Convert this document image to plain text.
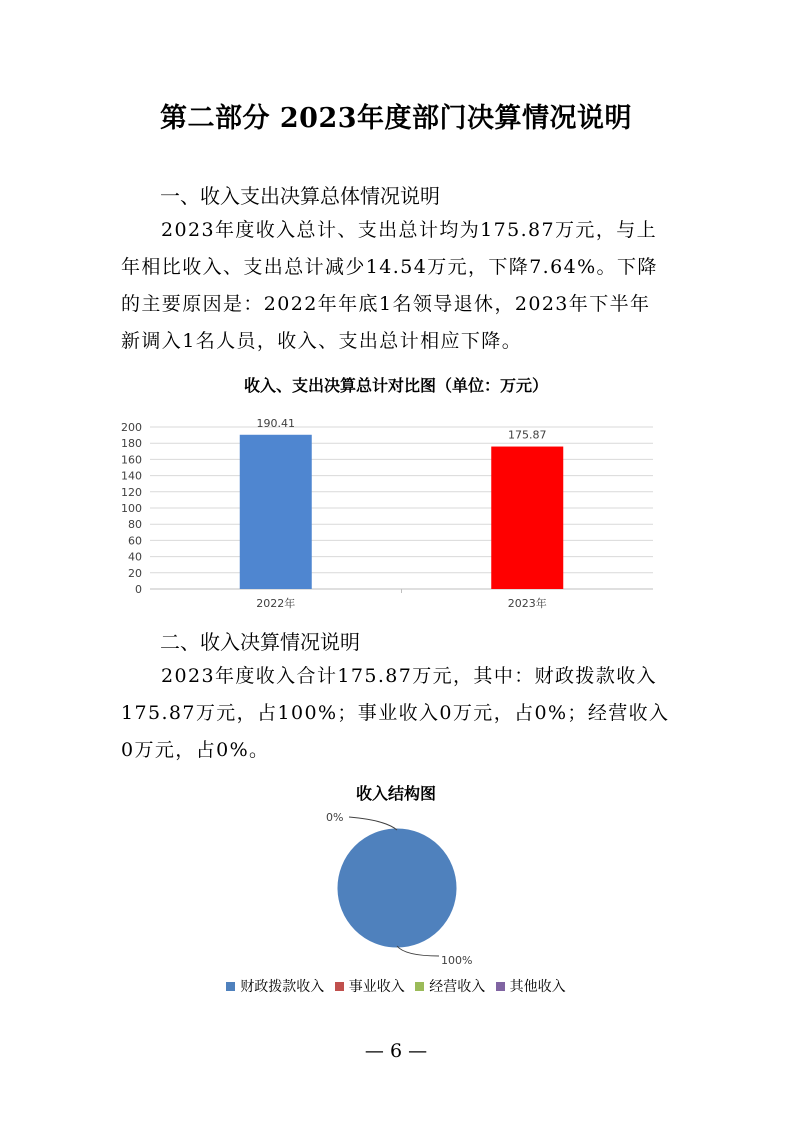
第二部分 2023年度部门决算情况说明
一、收入支出决算总体情况说明
2023年度收入总计、支出总计均为175.87万元，与上
年相比收入、支出总计减少14.54万元，下降7.64%。下降
的主要原因是：2022年年底1名领导退休，2023年下半年
新调入1名人员，收入、支出总计相应下降。
收入、支出决算总计对比图（单位：万元）
0
20
40
60
80
100
120
140
160
180
200	190.41
2022年
175.87
2023年
二、收入决算情况说明
2023年度收入合计175.87万元，其中：财政拨款收入
175.87万元，占100%；事业收入0万元，占0%；经营收入
0万元，占0%。
收入结构图
100%
0%
财政拨款收入
事业收入
经营收入
其他收入
— 6 —
